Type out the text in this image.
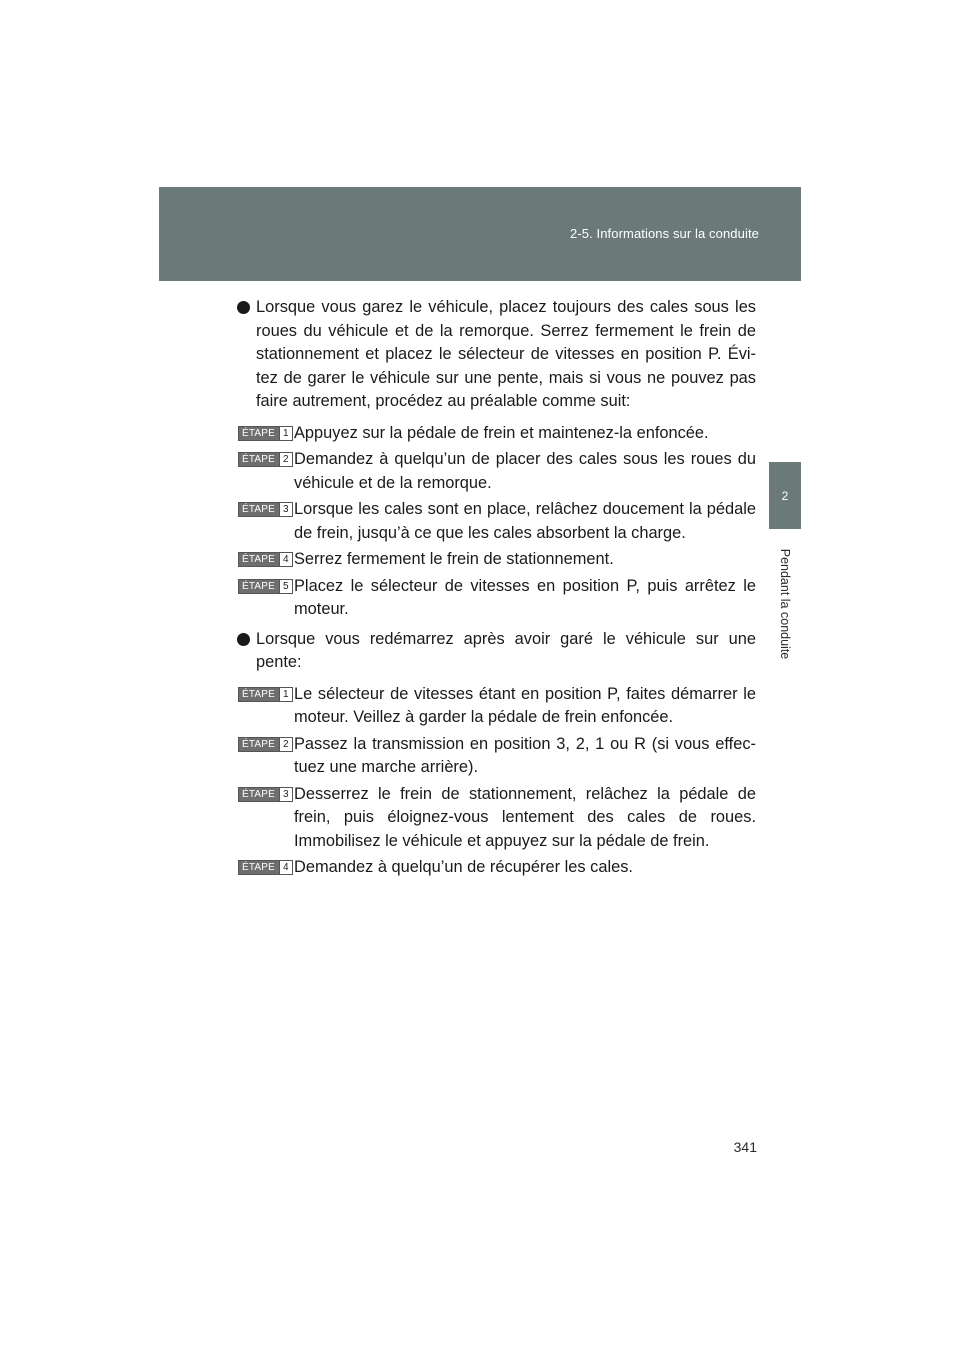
2-5. Informations sur la conduite
2
Pendant la conduite
Lorsque vous garez le véhicule, placez toujours des cales sous les roues du véhicule et de la remorque. Serrez fermement le frein de stationnement et placez le sélecteur de vitesses en position P. Évi-tez de garer le véhicule sur une pente, mais si vous ne pouvez pas faire autrement, procédez au préalable comme suit:
ÉTAPE 1 Appuyez sur la pédale de frein et maintenez-la enfoncée.
ÉTAPE 2 Demandez à quelqu’un de placer des cales sous les roues du véhicule et de la remorque.
ÉTAPE 3 Lorsque les cales sont en place, relâchez doucement la pédale de frein, jusqu’à ce que les cales absorbent la charge.
ÉTAPE 4 Serrez fermement le frein de stationnement.
ÉTAPE 5 Placez le sélecteur de vitesses en position P, puis arrêtez le moteur.
Lorsque vous redémarrez après avoir garé le véhicule sur une pente:
ÉTAPE 1 Le sélecteur de vitesses étant en position P, faites démarrer le moteur. Veillez à garder la pédale de frein enfoncée.
ÉTAPE 2 Passez la transmission en position 3, 2, 1 ou R (si vous effec-tuez une marche arrière).
ÉTAPE 3 Desserrez le frein de stationnement, relâchez la pédale de frein, puis éloignez-vous lentement des cales de roues. Immobilisez le véhicule et appuyez sur la pédale de frein.
ÉTAPE 4 Demandez à quelqu’un de récupérer les cales.
341
